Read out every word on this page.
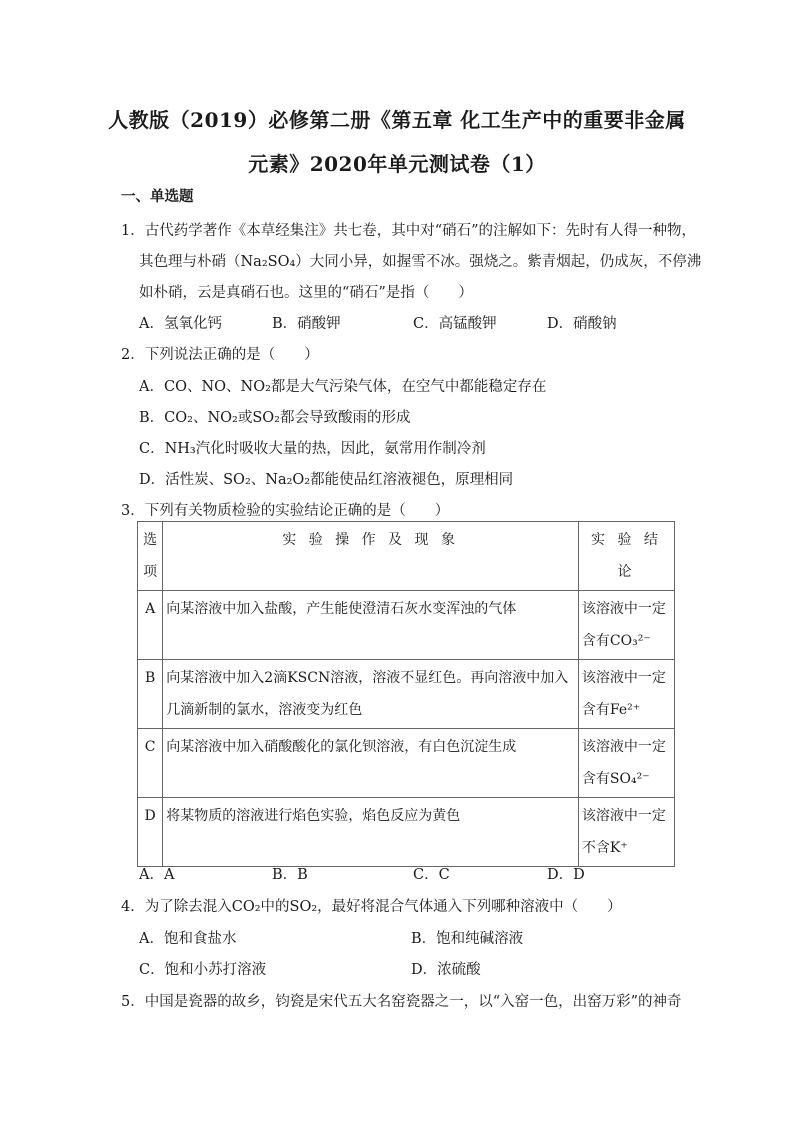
人教版（2019）必修第二册《第五章 化工生产中的重要非金属
元素》2020年单元测试卷（1）
一、单选题
1．古代药学著作《本草经集注》共七卷，其中对“硝石”的注解如下：先时有人得一种物，
其色理与朴硝（Na₂SO₄）大同小异，如握雪不冰。强烧之。紫青烟起，仍成灰，不停沸
如朴硝，云是真硝石也。这里的“硝石”是指（　　）
A．氢氧化钙	B．硝酸钾	C．高锰酸钾	D．硝酸钠
2．下列说法正确的是（　　）
A．CO、NO、NO₂都是大气污染气体，在空气中都能稳定存在
B．CO₂、NO₂或SO₂都会导致酸雨的形成
C．NH₃汽化时吸收大量的热，因此，氨常用作制冷剂
D．活性炭、SO₂、Na₂O₂都能使品红溶液褪色，原理相同
3．下列有关物质检验的实验结论正确的是（　　）
选项	实 验 操 作 及 现 象	实 验 结 论
A	向某溶液中加入盐酸，产生能使澄清石灰水变浑浊的气体	该溶液中一定含有CO₃²⁻
B	向某溶液中加入2滴KSCN溶液，溶液不显红色。再向溶液中加入几滴新制的氯水，溶液变为红色	该溶液中一定含有Fe²⁺
C	向某溶液中加入硝酸酸化的氯化钡溶液，有白色沉淀生成	该溶液中一定含有SO₄²⁻
D	将某物质的溶液进行焰色实验，焰色反应为黄色	该溶液中一定不含K⁺
A．A	B．B	C．C	D．D
4．为了除去混入CO₂中的SO₂，最好将混合气体通入下列哪种溶液中（　　）
A．饱和食盐水	B．饱和纯碱溶液
C．饱和小苏打溶液	D．浓硫酸
5．中国是瓷器的故乡，钧瓷是宋代五大名窑瓷器之一，以“入窑一色，出窑万彩”的神奇
